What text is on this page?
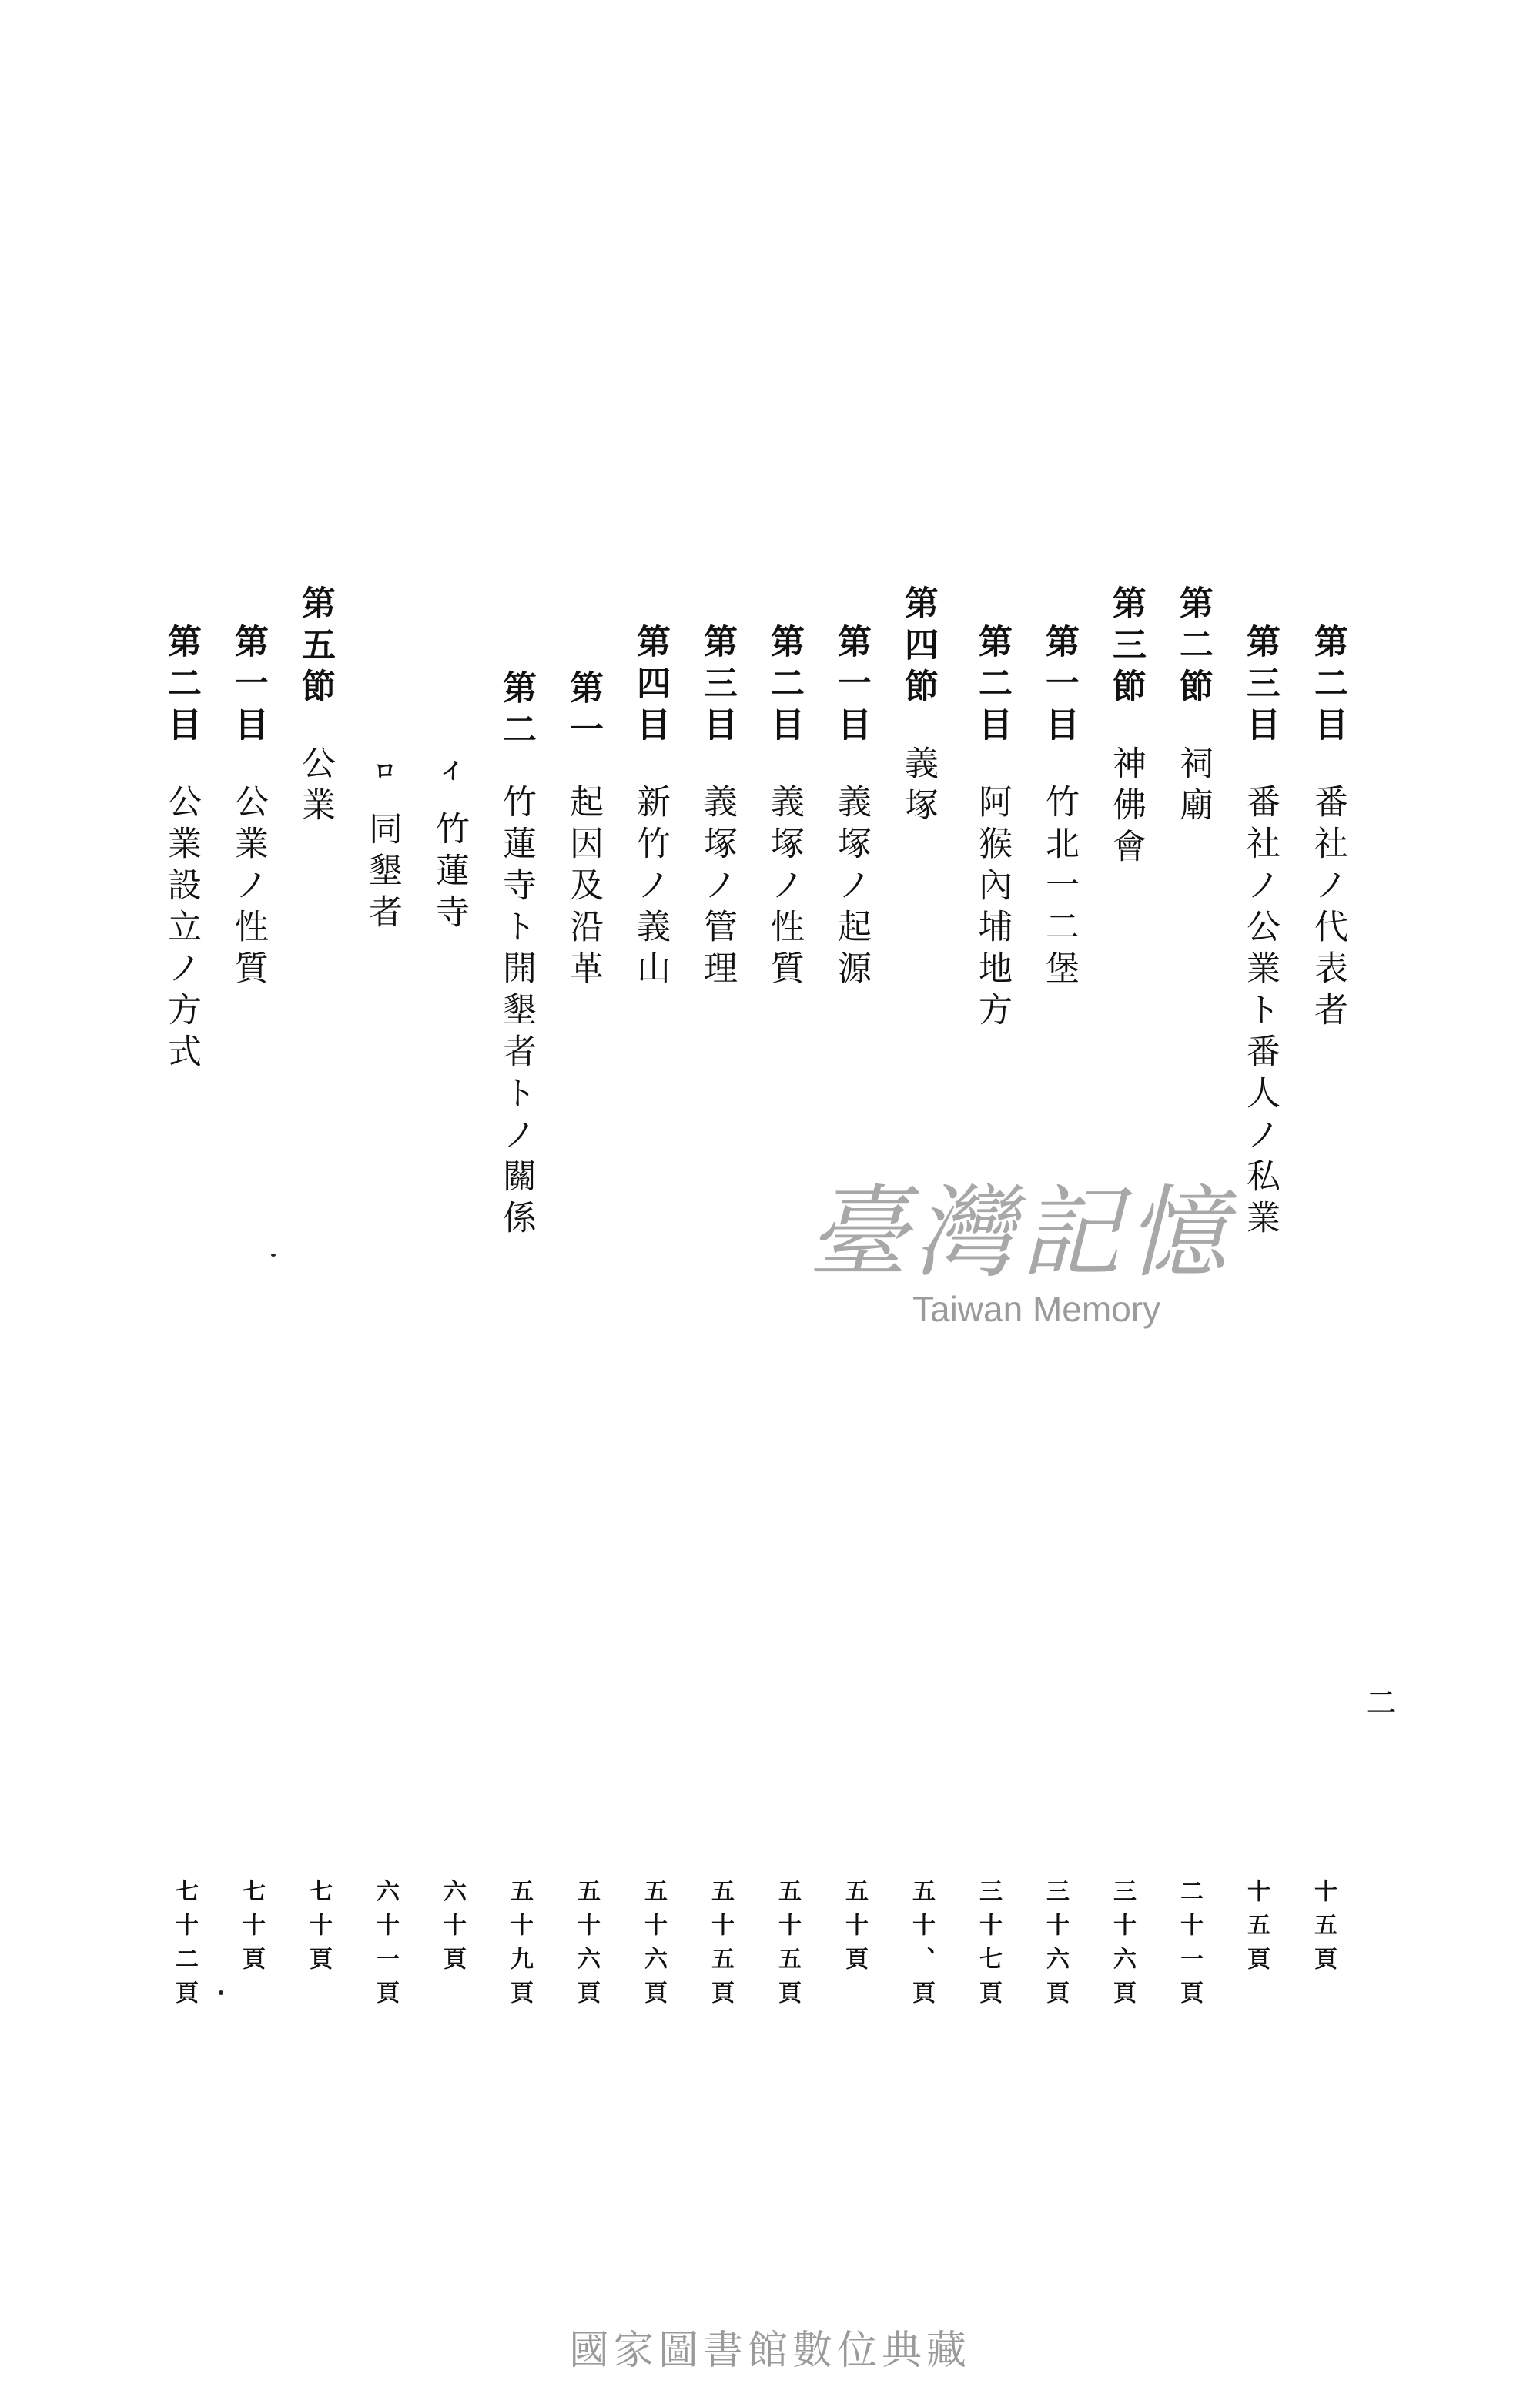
第二目番社ノ代表者
第三目番社ノ公業ト番人ノ私業
第二節祠廟
第三節神佛會
第一目竹北一二堡
第二目阿猴內埔地方
第四節義塚
第一目義塚ノ起源
第二目義塚ノ性質
第三目義塚ノ管理
第四目新竹ノ義山
第一起因及沿革
第二竹蓮寺ト開墾者トノ關係
イ竹蓮寺
ロ同墾者
第五節公業
第一目公業ノ性質
第二目公業設立ノ方式
二
十五頁
十五頁
二十一頁
三十六頁
三十六頁
三十七頁
五十、頁
五十頁
五十五頁
五十五頁
五十六頁
五十六頁
五十九頁
六十頁
六十一頁
七十頁
七十頁
七十二頁
臺灣記憶
Taiwan Memory
國家圖書館數位典藏
